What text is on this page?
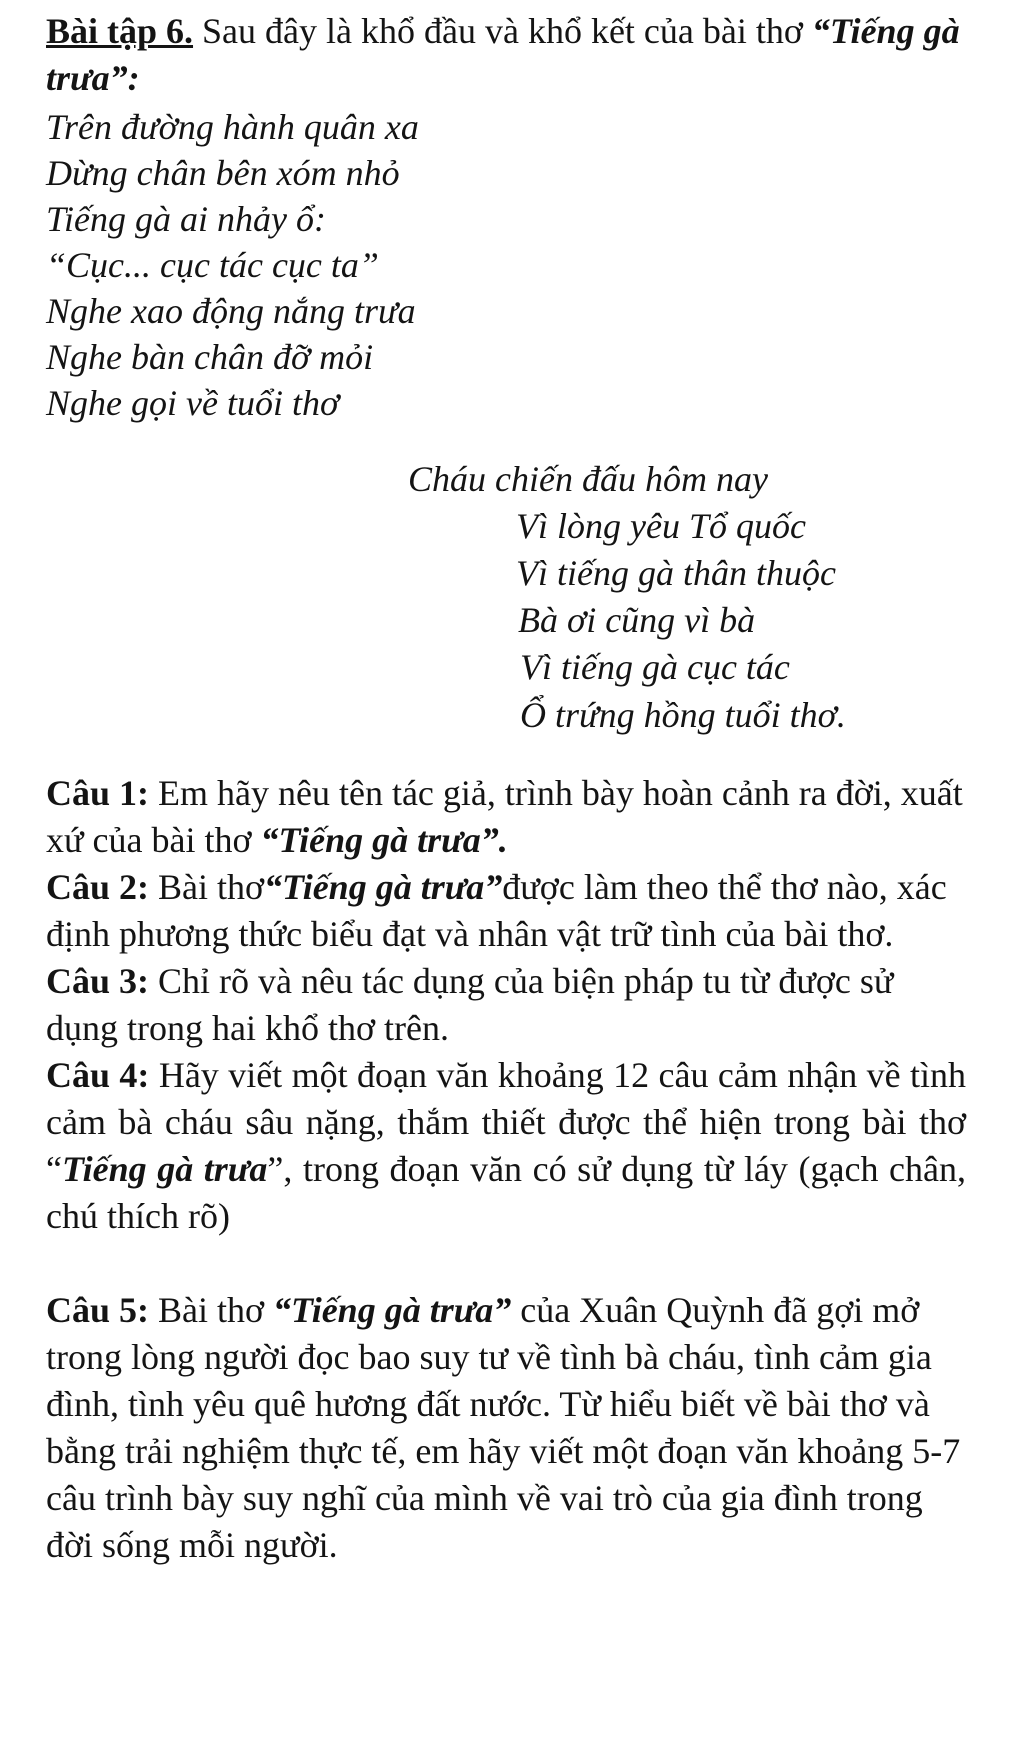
Bài tập 6. Sau đây là khổ đầu và khổ kết của bài thơ “Tiếng gà trưa”:
Trên đường hành quân xa
Dừng chân bên xóm nhỏ
Tiếng gà ai nhảy ổ:
“Cục... cục tác cục ta”
Nghe xao động nắng trưa
Nghe bàn chân đỡ mỏi
Nghe gọi về tuổi thơ
Cháu chiến đấu hôm nay
Vì lòng yêu Tổ quốc
Vì tiếng gà thân thuộc
Bà ơi cũng vì bà
Vì tiếng gà cục tác
Ổ trứng hồng tuổi thơ.

Câu 1: Em hãy nêu tên tác giả, trình bày hoàn cảnh ra đời, xuất xứ của bài thơ “Tiếng gà trưa”.

Câu 2: Bài thơ“Tiếng gà trưa”được làm theo thể thơ nào, xác định phương thức biểu đạt và nhân vật trữ tình của bài thơ.

Câu 3: Chỉ rõ và nêu tác dụng của biện pháp tu từ được sử dụng trong hai khổ thơ trên.

Câu 4: Hãy viết một đoạn văn khoảng 12 câu cảm nhận về tình cảm bà cháu sâu nặng, thắm thiết được thể hiện trong bài thơ “Tiếng gà trưa”, trong đoạn văn có sử dụng từ láy (gạch chân, chú thích rõ)

Câu 5: Bài thơ “Tiếng gà trưa” của Xuân Quỳnh đã gợi mở trong lòng người đọc bao suy tư về tình bà cháu, tình cảm gia đình, tình yêu quê hương đất nước. Từ hiểu biết về bài thơ và bằng trải nghiệm thực tế, em hãy viết một đoạn văn khoảng 5-7 câu trình bày suy nghĩ của mình về vai trò của gia đình trong đời sống mỗi người.
